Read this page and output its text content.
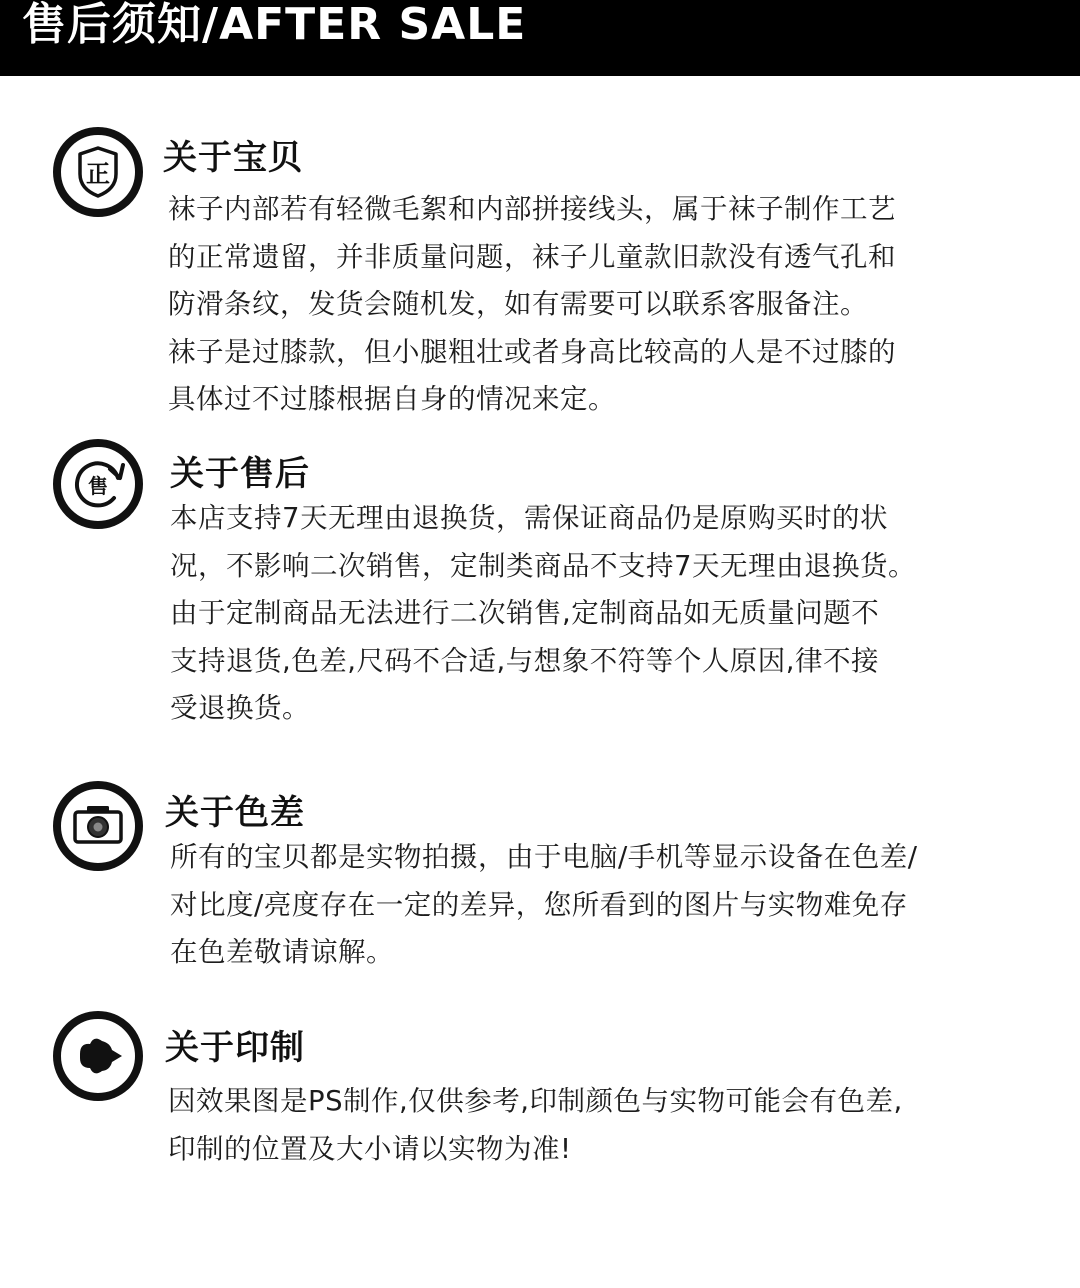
售后须知/AFTER SALE
正 关于宝贝
袜子内部若有轻微毛絮和内部拼接线头，属于袜子制作工艺
的正常遗留，并非质量问题，袜子儿童款旧款没有透气孔和
防滑条纹，发货会随机发，如有需要可以联系客服备注。
袜子是过膝款，但小腿粗壮或者身高比较高的人是不过膝的
具体过不过膝根据自身的情况来定。
售 关于售后
本店支持7天无理由退换货，需保证商品仍是原购买时的状
况，不影响二次销售，定制类商品不支持7天无理由退换货。
由于定制商品无法进行二次销售,定制商品如无质量问题不
支持退货,色差,尺码不合适,与想象不符等个人原因,律不接
受退换货。
关于色差
所有的宝贝都是实物拍摄，由于电脑/手机等显示设备在色差/
对比度/亮度存在一定的差异，您所看到的图片与实物难免存
在色差敬请谅解。
关于印制
因效果图是PS制作,仅供参考,印制颜色与实物可能会有色差,
印制的位置及大小请以实物为准!
